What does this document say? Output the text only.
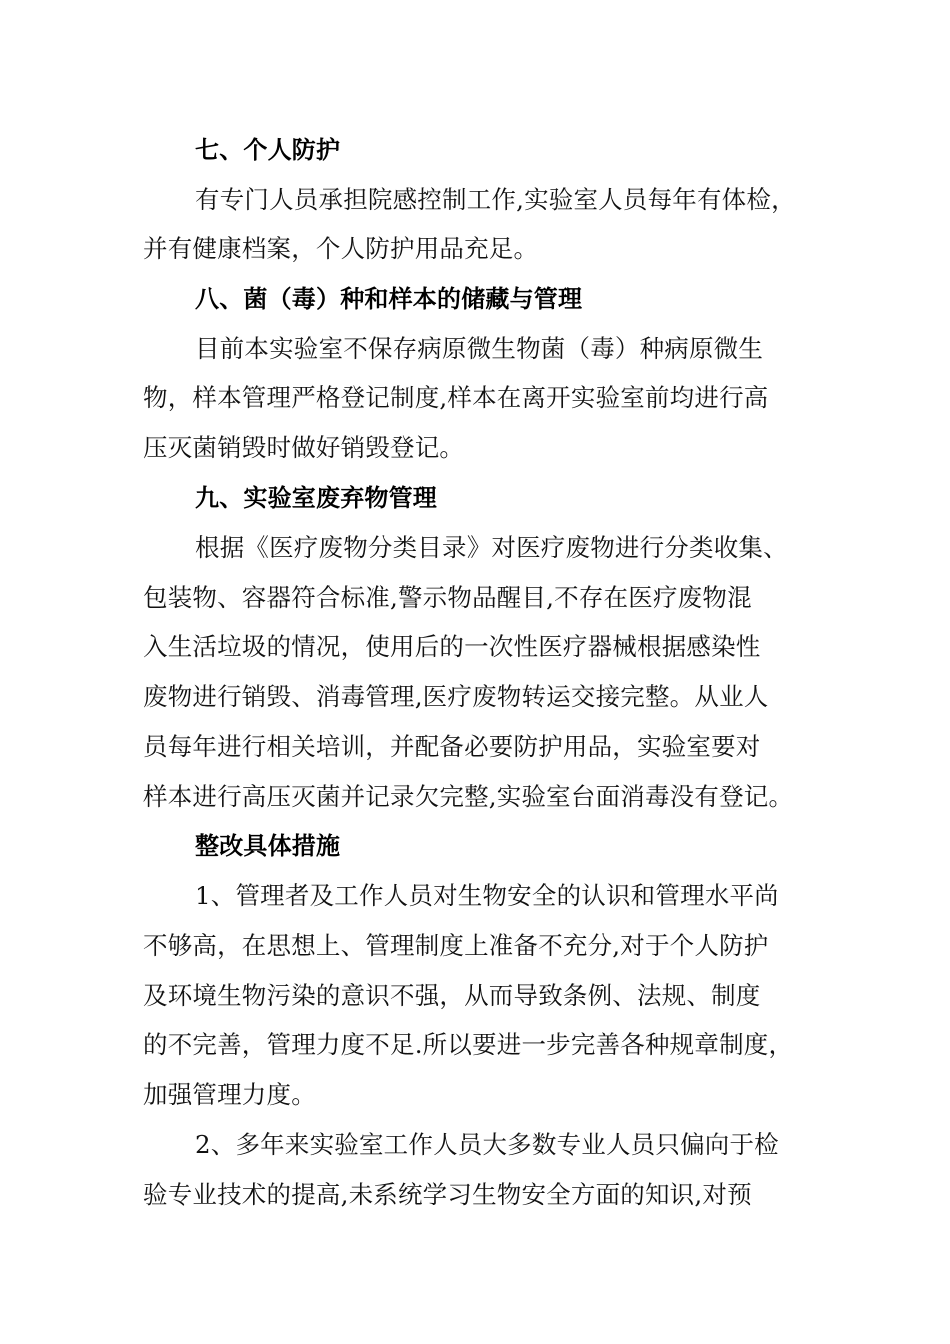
七、个人防护
有专门人员承担院感控制工作,实验室人员每年有体检，
并有健康档案，个人防护用品充足。
八、菌（毒）种和样本的储藏与管理
目前本实验室不保存病原微生物菌（毒）种病原微生
物，样本管理严格登记制度,样本在离开实验室前均进行高
压灭菌销毁时做好销毁登记。
九、实验室废弃物管理
根据《医疗废物分类目录》对医疗废物进行分类收集、
包装物、容器符合标准,警示物品醒目,不存在医疗废物混
入生活垃圾的情况，使用后的一次性医疗器械根据感染性
废物进行销毁、消毒管理,医疗废物转运交接完整。从业人
员每年进行相关培训，并配备必要防护用品，实验室要对
样本进行高压灭菌并记录欠完整,实验室台面消毒没有登记。
整改具体措施
1、管理者及工作人员对生物安全的认识和管理水平尚
不够高，在思想上、管理制度上准备不充分,对于个人防护
及环境生物污染的意识不强，从而导致条例、法规、制度
的不完善，管理力度不足.所以要进一步完善各种规章制度，
加强管理力度。
2、多年来实验室工作人员大多数专业人员只偏向于检
验专业技术的提高,未系统学习生物安全方面的知识,对预
